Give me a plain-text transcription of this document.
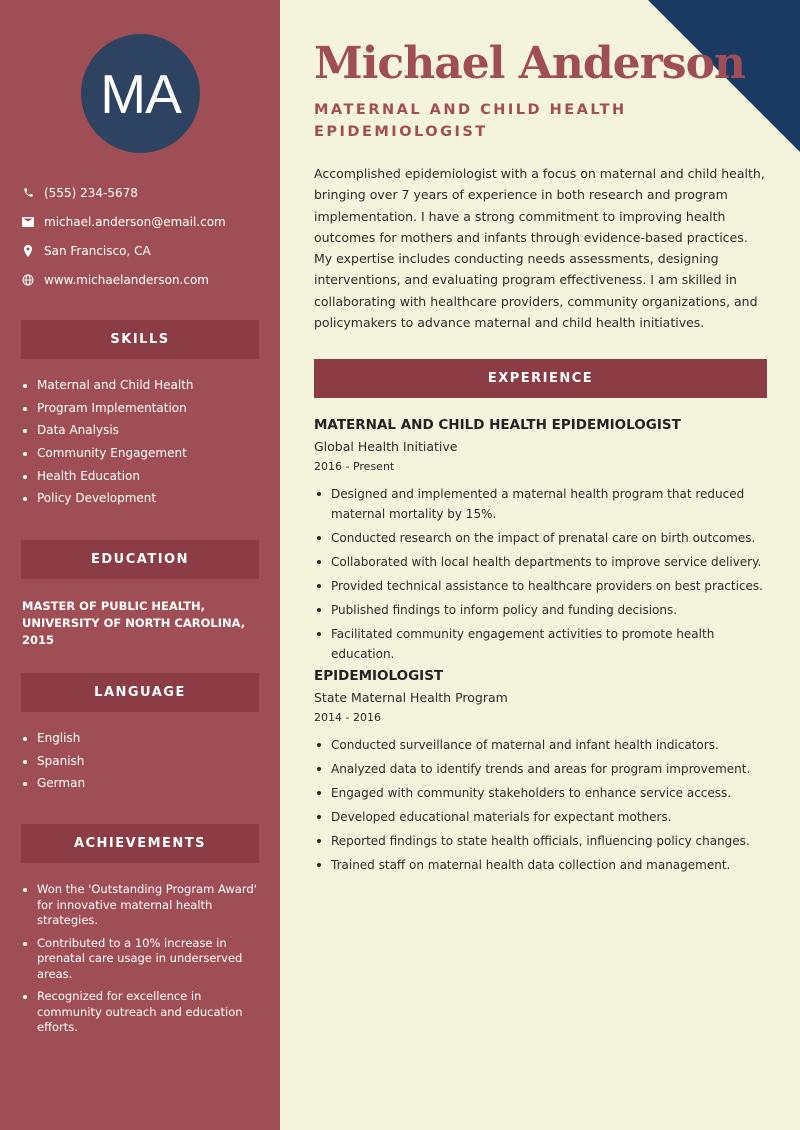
MA
(555) 234-5678
michael.anderson@email.com
San Francisco, CA
www.michaelanderson.com
SKILLS
Maternal and Child Health
Program Implementation
Data Analysis
Community Engagement
Health Education
Policy Development
EDUCATION
MASTER OF PUBLIC HEALTH, UNIVERSITY OF NORTH CAROLINA, 2015
LANGUAGE
English
Spanish
German
ACHIEVEMENTS
Won the 'Outstanding Program Award' for innovative maternal health strategies.
Contributed to a 10% increase in prenatal care usage in underserved areas.
Recognized for excellence in community outreach and education efforts.
Michael Anderson
MATERNAL AND CHILD HEALTH EPIDEMIOLOGIST

Accomplished epidemiologist with a focus on maternal and child health, bringing over 7 years of experience in both research and program implementation. I have a strong commitment to improving health outcomes for mothers and infants through evidence-based practices. My expertise includes conducting needs assessments, designing interventions, and evaluating program effectiveness. I am skilled in collaborating with healthcare providers, community organizations, and policymakers to advance maternal and child health initiatives.

EXPERIENCE
MATERNAL AND CHILD HEALTH EPIDEMIOLOGIST
Global Health Initiative
2016 - Present
Designed and implemented a maternal health program that reduced maternal mortality by 15%.
Conducted research on the impact of prenatal care on birth outcomes.
Collaborated with local health departments to improve service delivery.
Provided technical assistance to healthcare providers on best practices.
Published findings to inform policy and funding decisions.
Facilitated community engagement activities to promote health education.
EPIDEMIOLOGIST
State Maternal Health Program
2014 - 2016
Conducted surveillance of maternal and infant health indicators.
Analyzed data to identify trends and areas for program improvement.
Engaged with community stakeholders to enhance service access.
Developed educational materials for expectant mothers.
Reported findings to state health officials, influencing policy changes.
Trained staff on maternal health data collection and management.
